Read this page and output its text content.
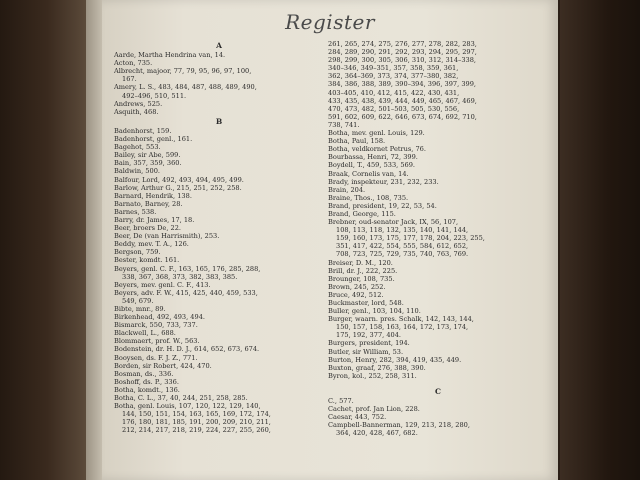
Register
A
Aarde, Martha Hendrina van, 14.
Acton, 735.
Albrecht, majoor, 77, 79, 95, 96, 97, 100,
167.
Amery, L. S., 483, 484, 487, 488, 489, 490,
492–496, 510, 511.
Andrews, 525.
Asquith, 468.
B
Badenhorst, 159.
Badenhorst, genl., 161.
Bagehot, 553.
Bailey, sir Abe, 599.
Bain, 357, 359, 360.
Baldwin, 500.
Balfour, Lord, 492, 493, 494, 495, 499.
Barlow, Arthur G., 215, 251, 252, 258.
Barnard, Hendrik, 138.
Barnato, Barney, 28.
Barnes, 538.
Barry, dr. James, 17, 18.
Beer, broers De, 22.
Beer, De (van Harrismith), 253.
Beddy, mev. T. A., 126.
Bergson, 759.
Bester, komdt. 161.
Beyers, genl. C. F., 163, 165, 176, 285, 288,
338, 367, 368, 373, 382, 383, 385.
Beyers, mev. genl. C. F., 413.
Beyers, adv. F. W., 415, 425, 440, 459, 533,
549, 679.
Bibte, mnr., 89.
Birkenhead, 492, 493, 494.
Bismarck, 550, 733, 737.
Blackwell, L., 688.
Blommaert, prof. W., 563.
Bodenstein, dr. H. D. J., 614, 652, 673, 674.
Booysen, ds. F. J. Z., 771.
Borden, sir Robert, 424, 470.
Bosman, ds., 336.
Boshoff, ds. P., 336.
Botha, komdt., 136.
Botha, C. L., 37, 40, 244, 251, 258, 285.
Botha, genl. Louis, 107, 120, 122, 129, 140,
144, 150, 151, 154, 163, 165, 169, 172, 174,
176, 180, 181, 185, 191, 200, 209, 210, 211,
212, 214, 217, 218, 219, 224, 227, 255, 260,
261, 265, 274, 275, 276, 277, 278, 282, 283,
284, 289, 290, 291, 292, 293, 294, 295, 297,
298, 299, 300, 305, 306, 310, 312, 314–338,
340–346, 349–351, 357, 358, 359, 361,
362, 364–369, 373, 374, 377–380, 382,
384, 386, 388, 389, 390–394, 396, 397, 399,
403–405, 410, 412, 415, 422, 430, 431,
433, 435, 438, 439, 444, 449, 465, 467, 469,
470, 473, 482, 501–503, 505, 530, 556,
591, 602, 609, 622, 646, 673, 674, 692, 710,
738, 741.
Botha, mev. genl. Louis, 129.
Botha, Paul, 158.
Botha, veldkornet Petrus, 76.
Bourbassa, Henri, 72, 399.
Boydell, T., 459, 533, 569.
Braak, Cornelis van, 14.
Brady, inspekteur, 231, 232, 233.
Brain, 204.
Braine, Thos., 108, 735.
Brand, president, 19, 22, 53, 54.
Brand, George, 115.
Brebner, oud-senator Jack, IX, 56, 107,
108, 113, 118, 132, 135, 140, 141, 144,
159, 160, 173, 175, 177, 178, 204, 223, 255,
351, 417, 422, 554, 555, 584, 612, 652,
708, 723, 725, 729, 735, 740, 763, 769.
Breiser, D. M., 120.
Brill, dr. J., 222, 225.
Brounger, 108, 735.
Brown, 245, 252.
Bruce, 492, 512.
Buckmaster, lord, 548.
Buller, genl., 103, 104, 110.
Burger, waarn. pres. Schalk, 142, 143, 144,
150, 157, 158, 163, 164, 172, 173, 174,
175, 192, 377, 404.
Burgers, president, 194.
Butler, sir William, 53.
Burton, Henry, 282, 394, 419, 435, 449.
Buxton, graaf, 276, 388, 390.
Byron, kol., 252, 258, 311.
C
C., 577.
Cachet, prof. Jan Lion, 228.
Caesar, 443, 752.
Campbell-Bannerman, 129, 213, 218, 280,
364, 420, 428, 467, 682.
